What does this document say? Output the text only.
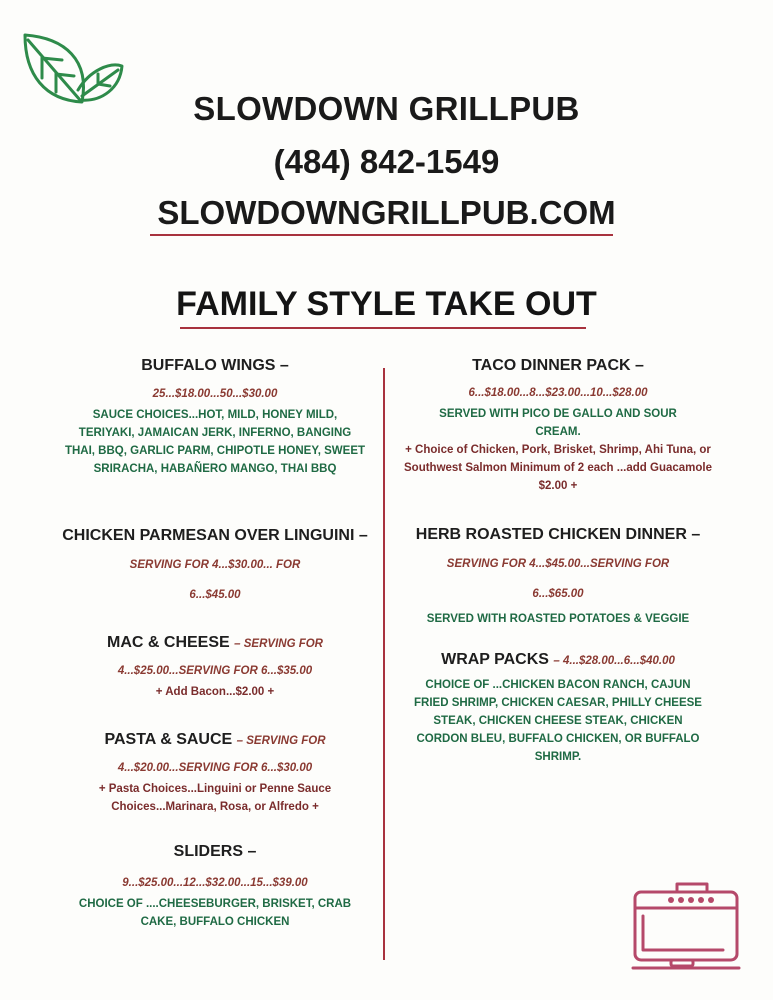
SLOWDOWN GRILLPUB
(484) 842-1549
SLOWDOWNGRILLPUB.COM
FAMILY STYLE TAKE OUT
BUFFALO WINGS –
25...$18.00...50...$30.00
SAUCE CHOICES...HOT, MILD, HONEY MILD, TERIYAKI, JAMAICAN JERK, INFERNO, BANGING THAI, BBQ, GARLIC PARM, CHIPOTLE HONEY, SWEET SRIRACHA, HABAÑERO MANGO, THAI BBQ
CHICKEN PARMESAN OVER LINGUINI –
SERVING FOR 4...$30.00... FOR
6...$45.00
MAC & CHEESE – SERVING FOR
4...$25.00...SERVING FOR 6...$35.00
+ Add Bacon...$2.00 +
PASTA & SAUCE – SERVING FOR
4...$20.00...SERVING FOR 6...$30.00
+ Pasta Choices...Linguini or Penne Sauce Choices...Marinara, Rosa, or Alfredo +
SLIDERS –
9...$25.00...12...$32.00...15...$39.00
CHOICE OF ....CHEESEBURGER, BRISKET, CRAB CAKE, BUFFALO CHICKEN
TACO DINNER PACK –
6...$18.00...8...$23.00...10...$28.00
SERVED WITH PICO DE GALLO AND SOUR CREAM.
+ Choice of Chicken, Pork, Brisket, Shrimp, Ahi Tuna, or Southwest Salmon Minimum of 2 each ...add Guacamole $2.00 +
HERB ROASTED CHICKEN DINNER –
SERVING FOR 4...$45.00...SERVING FOR
6...$65.00
SERVED WITH ROASTED POTATOES & VEGGIE
WRAP PACKS – 4...$28.00...6...$40.00
CHOICE OF ...CHICKEN BACON RANCH, CAJUN FRIED SHRIMP, CHICKEN CAESAR, PHILLY CHEESE STEAK, CHICKEN CHEESE STEAK, CHICKEN CORDON BLEU, BUFFALO CHICKEN, OR BUFFALO SHRIMP.
